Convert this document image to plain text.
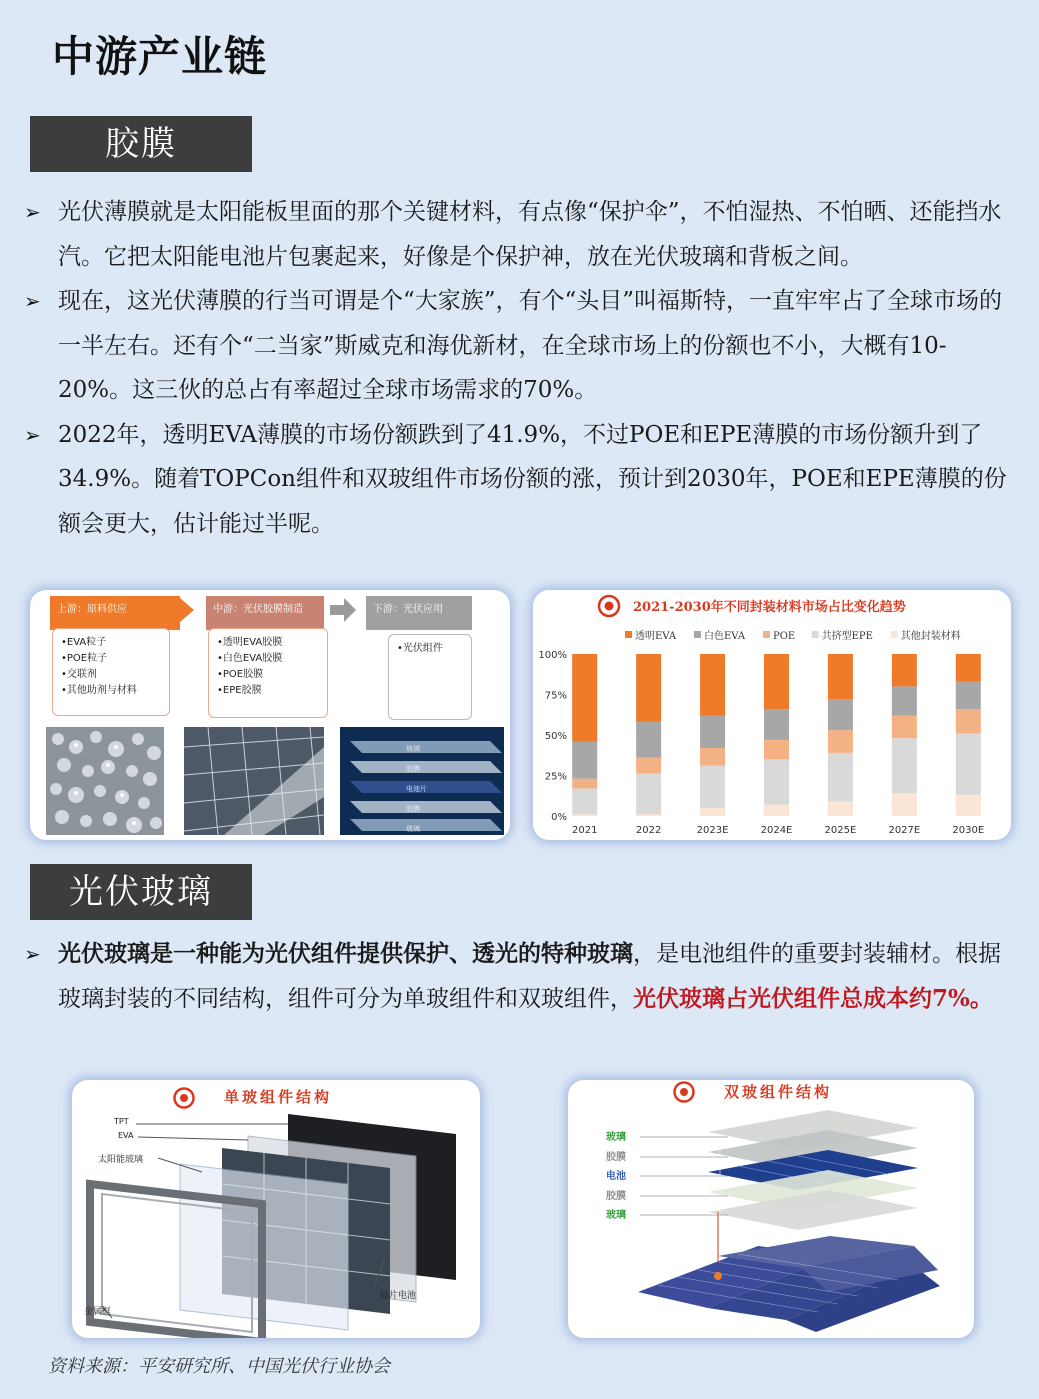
中游产业链
胶膜
➢ 光伏薄膜就是太阳能板里面的那个关键材料，有点像“保护伞”，不怕湿热、不怕晒、还能挡水汽。它把太阳能电池片包裹起来，好像是个保护神，放在光伏玻璃和背板之间。
➢ 现在，这光伏薄膜的行当可谓是个“大家族”，有个“头目”叫福斯特，一直牢牢占了全球市场的一半左右。还有个“二当家”斯威克和海优新材，在全球市场上的份额也不小，大概有10-20%。这三伙的总占有率超过全球市场需求的70%。
➢ 2022年，透明EVA薄膜的市场份额跌到了41.9%，不过POE和EPE薄膜的市场份额升到了34.9%。随着TOPCon组件和双玻组件市场份额的涨，预计到2030年，POE和EPE薄膜的份额会更大，估计能过半呢。
上游：原料供应	中游：光伏胶膜制造	下游：光伏应用
•EVA粒子
•POE粒子
•交联剂
•其他助剂与材料
•透明EVA胶膜
•白色EVA胶膜
•POE胶膜
•EPE胶膜
•光伏组件
玻璃
胶膜
电池片
胶膜
玻璃
2021-2030年不同封装材料市场占比变化趋势
透明EVA	白色EVA	POE	共挤型EPE	其他封装材料
0%
25%
50%
75%
100%
2021	2022	2023E	2024E	2025E	2027E	2030E
光伏玻璃
➢ 光伏玻璃是一种能为光伏组件提供保护、透光的特种玻璃，是电池组件的重要封装辅材。根据玻璃封装的不同结构，组件可分为单玻组件和双玻组件，光伏玻璃占光伏组件总成本约7%。
单玻组件结构
TPT
EVA
太阳能玻璃
硅片电池
金属框
双玻组件结构
玻璃
胶膜
电池
胶膜
玻璃
资料来源：平安研究所、中国光伏行业协会
